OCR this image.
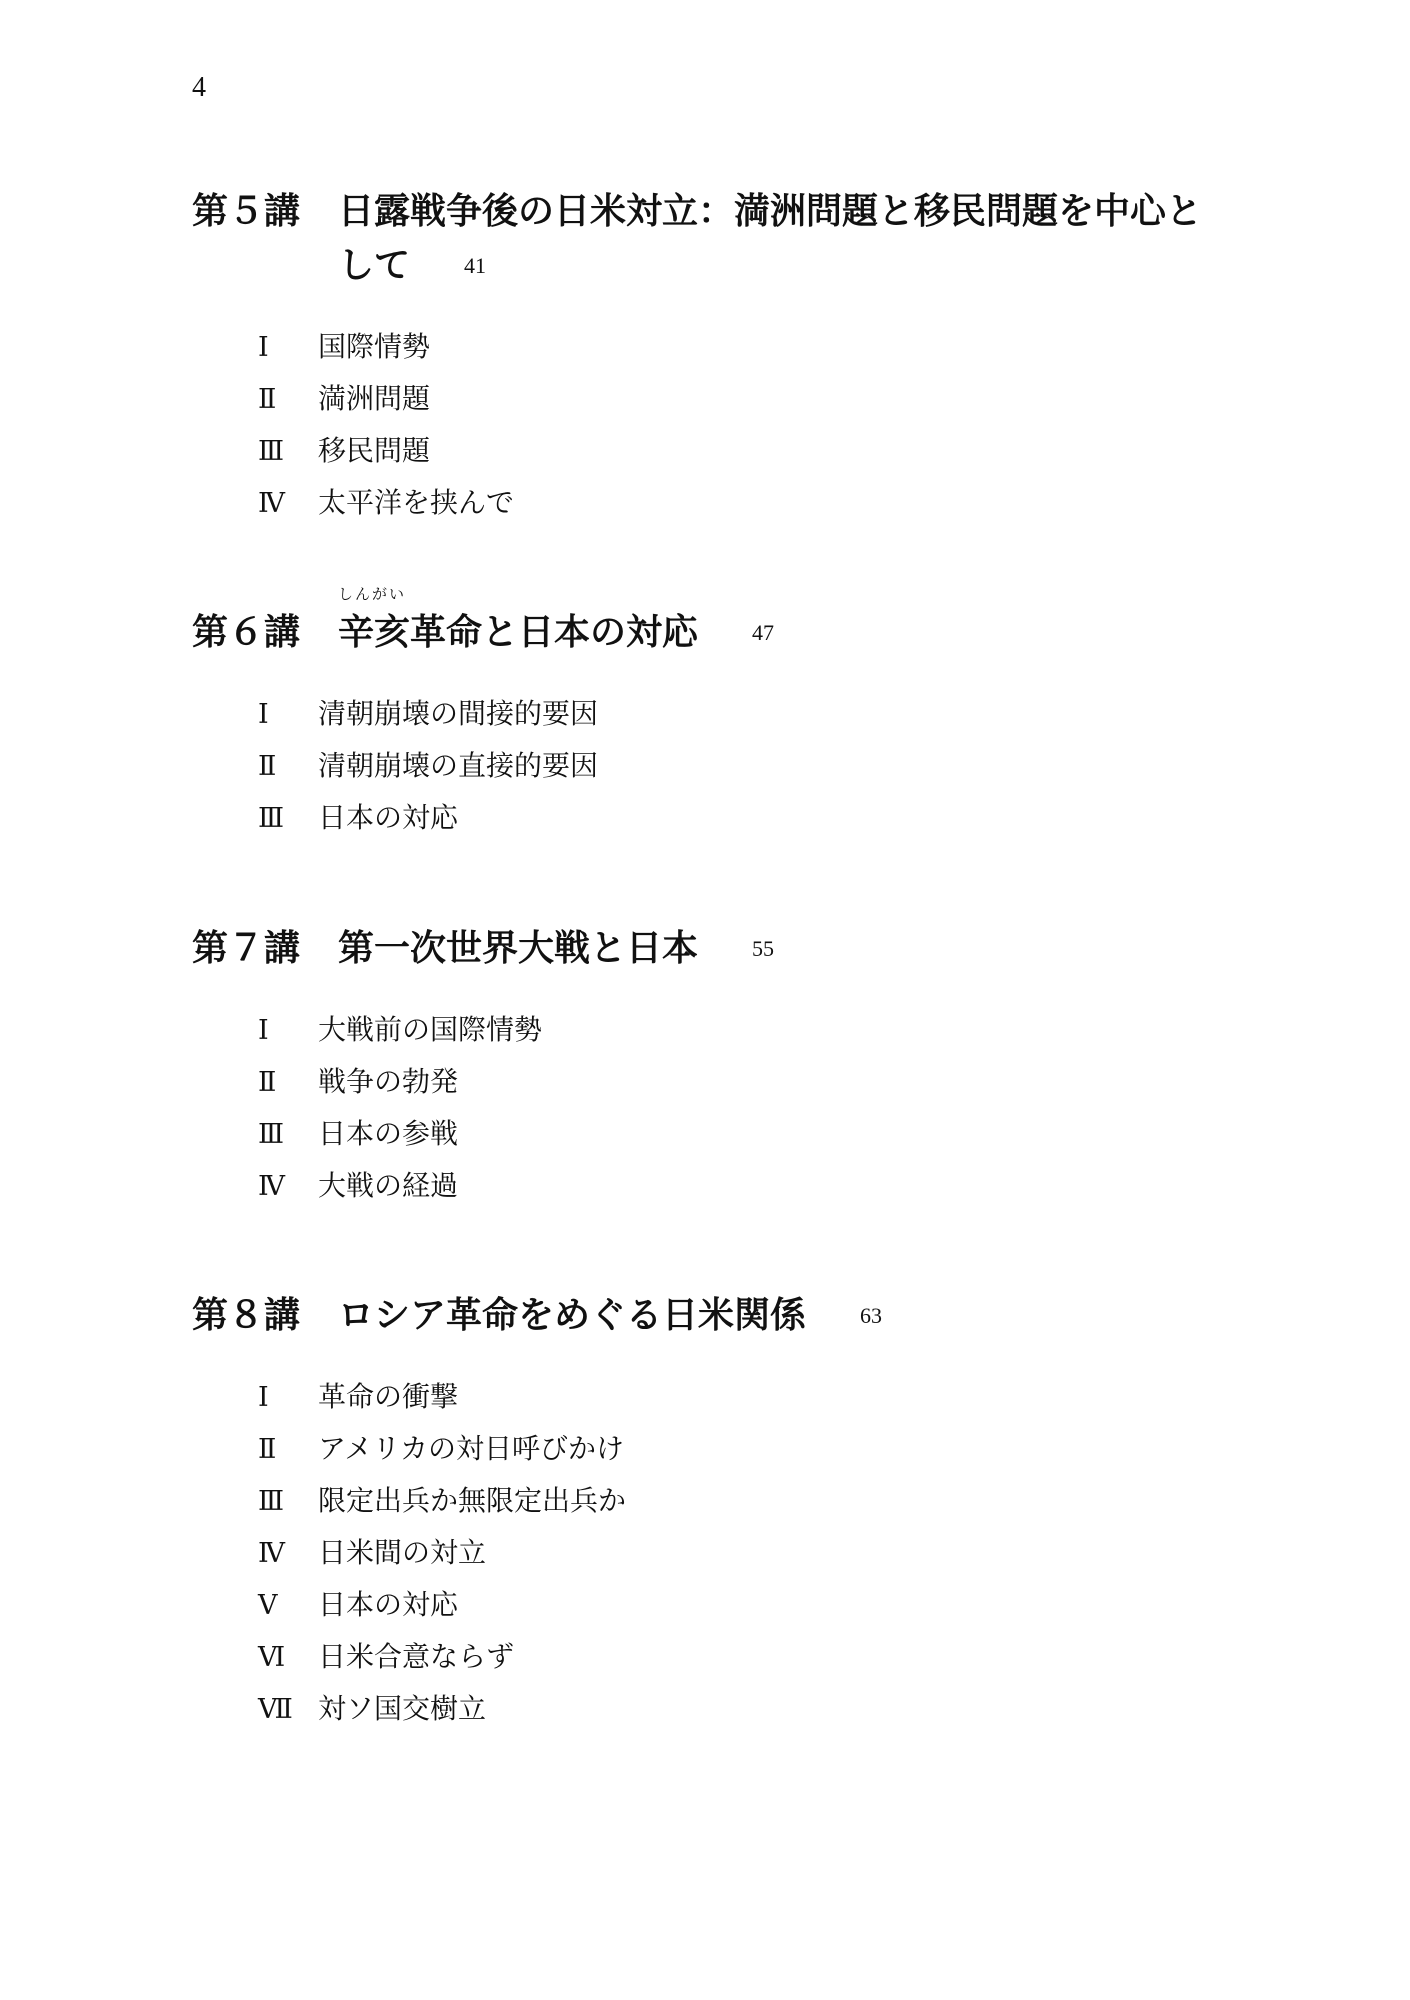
4
第５講 日露戦争後の日米対立：満洲問題と移民問題を中心と
して 41
Ⅰ 国際情勢
Ⅱ 満洲問題
Ⅲ 移民問題
Ⅳ 太平洋を挟んで
第６講
しんがい
辛亥革命と日本の対応 47
Ⅰ 清朝崩壊の間接的要因
Ⅱ 清朝崩壊の直接的要因
Ⅲ 日本の対応
第７講 第一次世界大戦と日本 55
Ⅰ 大戦前の国際情勢
Ⅱ 戦争の勃発
Ⅲ 日本の参戦
Ⅳ 大戦の経過
第８講 ロシア革命をめぐる日米関係 63
Ⅰ 革命の衝撃
Ⅱ アメリカの対日呼びかけ
Ⅲ 限定出兵か無限定出兵か
Ⅳ 日米間の対立
Ⅴ 日本の対応
Ⅵ 日米合意ならず
Ⅶ 対ソ国交樹立
